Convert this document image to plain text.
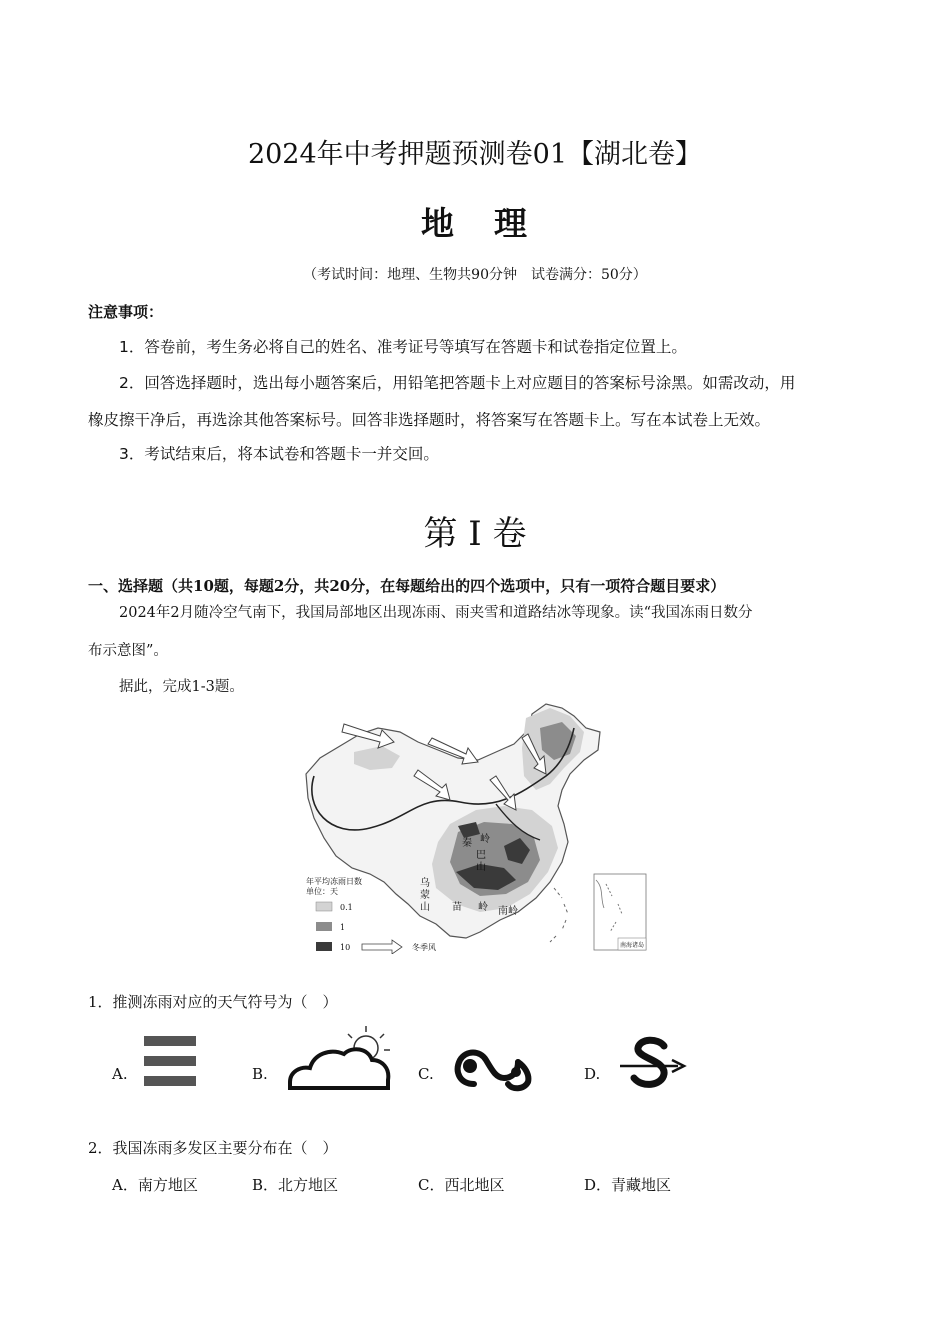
2024年中考押题预测卷01【湖北卷】
地 理
（考试时间：地理、生物共90分钟　试卷满分：50分）
注意事项：
1．答卷前，考生务必将自己的姓名、准考证号等填写在答题卡和试卷指定位置上。
2．回答选择题时，选出每小题答案后，用铅笔把答题卡上对应题目的答案标号涂黑。如需改动，用
橡皮擦干净后，再选涂其他答案标号。回答非选择题时，将答案写在答题卡上。写在本试卷上无效。
3．考试结束后，将本试卷和答题卡一并交回。
第 I 卷
一、选择题（共10题，每题2分，共20分，在每题给出的四个选项中，只有一项符合题目要求）
2024年2月随冷空气南下，我国局部地区出现冻雨、雨夹雪和道路结冰等现象。读“我国冻雨日数分
布示意图”。
据此，完成1-3题。
秦 岭
巴
山
乌
蒙
山 苗 岭 南岭
年平均冻雨日数
单位：天
0.1
1
10	冬季风	南海诸岛
1．推测冻雨对应的天气符号为（　）
A.	B.	C.	D.
2．我国冻雨多发区主要分布在（　）
A．南方地区	B．北方地区	C．西北地区	D．青藏地区
